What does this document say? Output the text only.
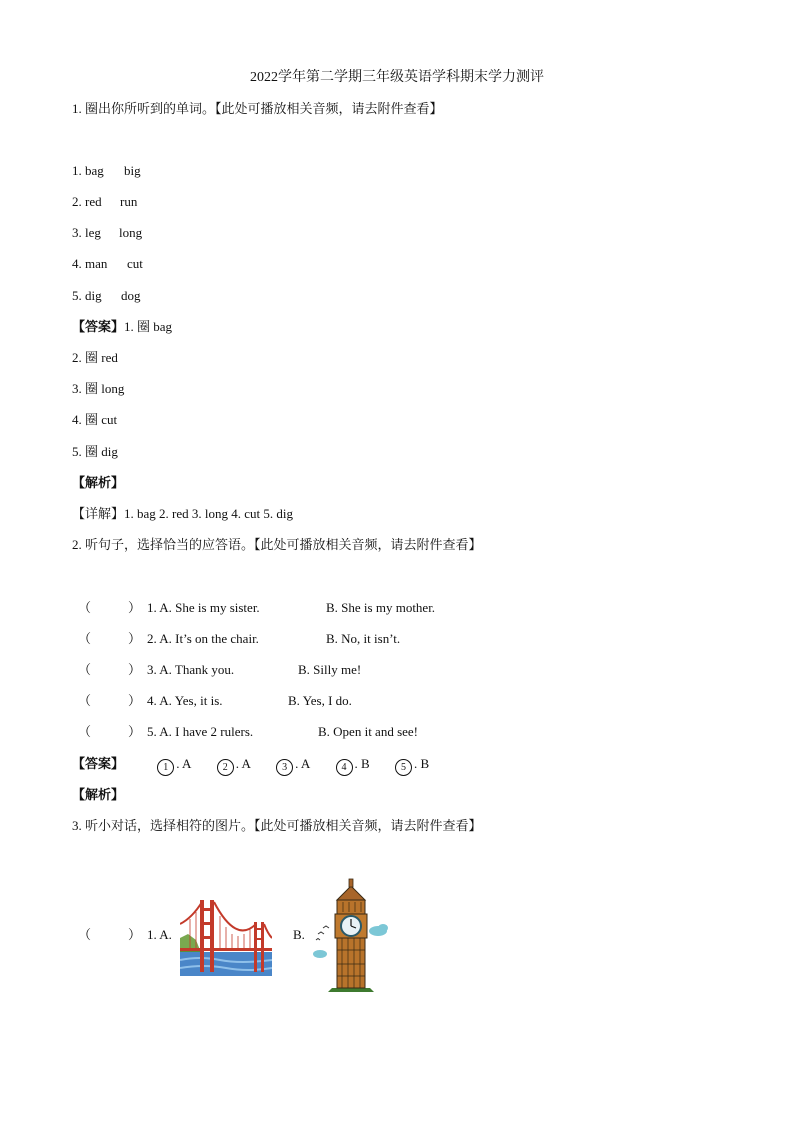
2022学年第二学期三年级英语学科期末学力测评
1. 圈出你所听到的单词。【此处可播放相关音频，请去附件查看】
1. bag big
2. red run
3. leg long
4. man cut
5. dig dog
【答案】1. 圈 bag
2. 圈 red
3. 圈 long
4. 圈 cut
5. 圈 dig
【解析】
【详解】1. bag 2. red 3. long 4. cut 5. dig
2. 听句子，选择恰当的应答语。【此处可播放相关音频，请去附件查看】
（	） 1. A. She is my sister.	B. She is my mother.
（	） 2. A. It’s on the chair.	B. No, it isn’t.
（	） 3. A. Thank you.	B. Silly me!
（	） 4. A. Yes, it is.	B. Yes, I do.
（	） 5. A. I have 2 rulers.	B. Open it and see!
【答案】	1 . A	2 . A	3 . A	4 . B	5 . B
【解析】
3. 听小对话，选择相符的图片。【此处可播放相关音频，请去附件查看】
（	） 1. A.	B.
